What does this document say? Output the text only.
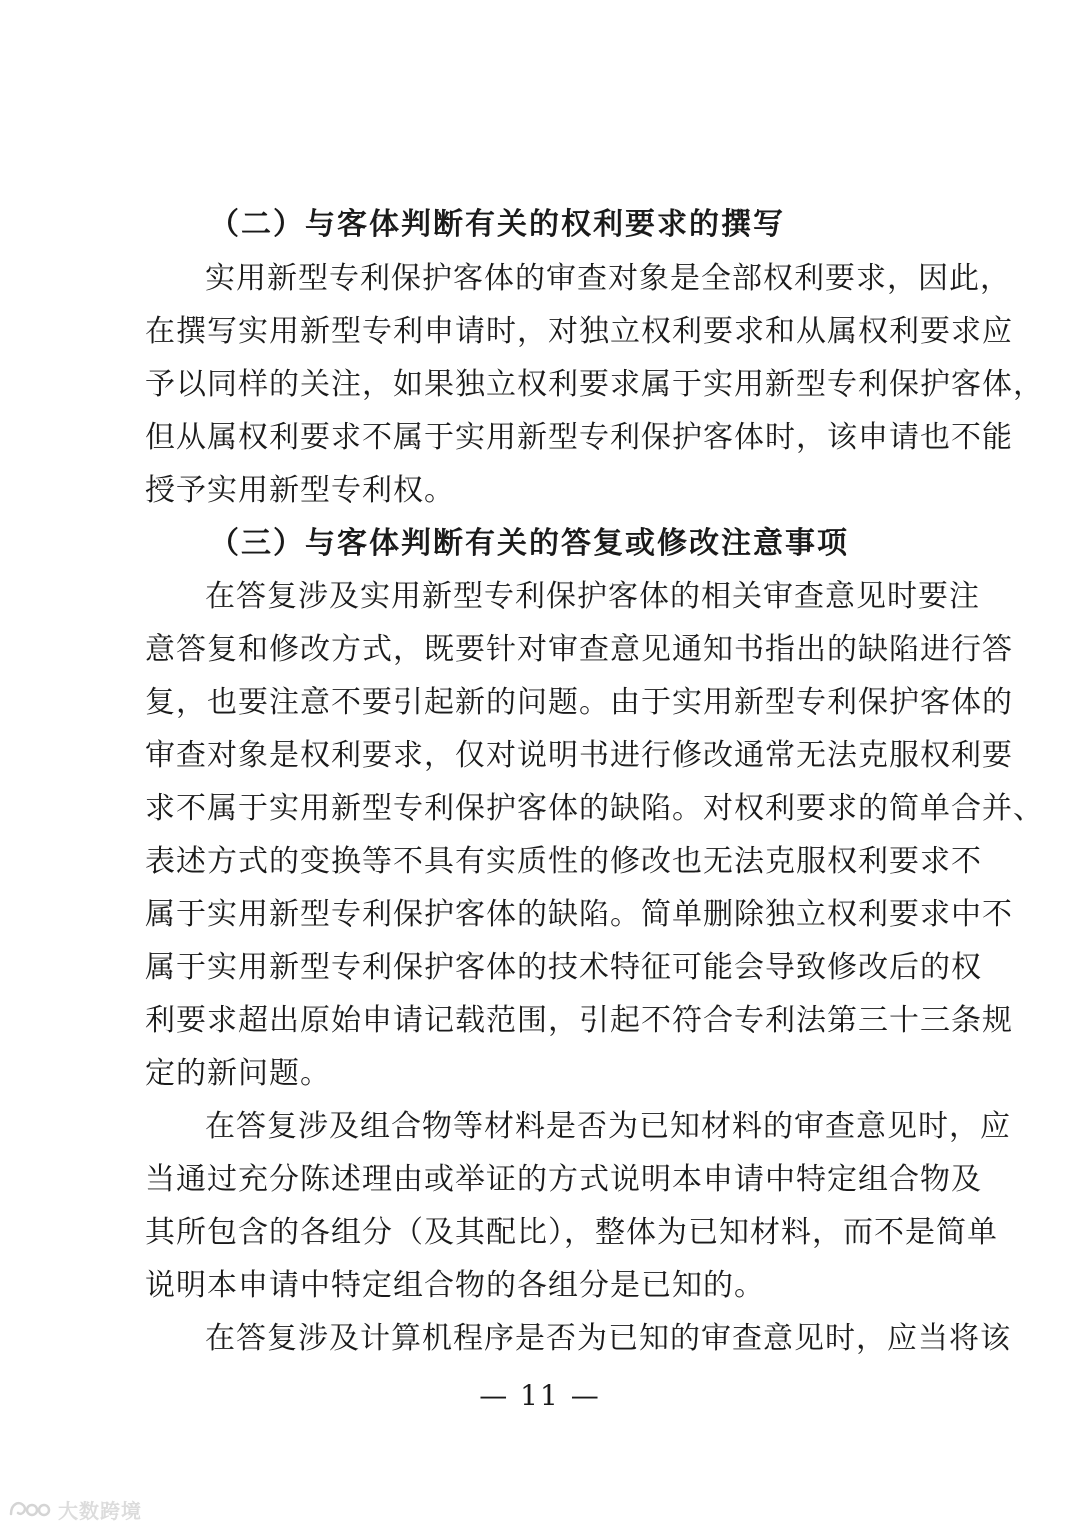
（二）与客体判断有关的权利要求的撰写
实用新型专利保护客体的审查对象是全部权利要求，因此，
在撰写实用新型专利申请时，对独立权利要求和从属权利要求应
予以同样的关注，如果独立权利要求属于实用新型专利保护客体，
但从属权利要求不属于实用新型专利保护客体时，该申请也不能
授予实用新型专利权。
（三）与客体判断有关的答复或修改注意事项
在答复涉及实用新型专利保护客体的相关审查意见时要注
意答复和修改方式，既要针对审查意见通知书指出的缺陷进行答
复，也要注意不要引起新的问题。由于实用新型专利保护客体的
审查对象是权利要求，仅对说明书进行修改通常无法克服权利要
求不属于实用新型专利保护客体的缺陷。对权利要求的简单合并、
表述方式的变换等不具有实质性的修改也无法克服权利要求不
属于实用新型专利保护客体的缺陷。简单删除独立权利要求中不
属于实用新型专利保护客体的技术特征可能会导致修改后的权
利要求超出原始申请记载范围，引起不符合专利法第三十三条规
定的新问题。
在答复涉及组合物等材料是否为已知材料的审查意见时，应
当通过充分陈述理由或举证的方式说明本申请中特定组合物及
其所包含的各组分（及其配比），整体为已知材料，而不是简单
说明本申请中特定组合物的各组分是已知的。
在答复涉及计算机程序是否为已知的审查意见时，应当将该
— 11 —
大数跨境
